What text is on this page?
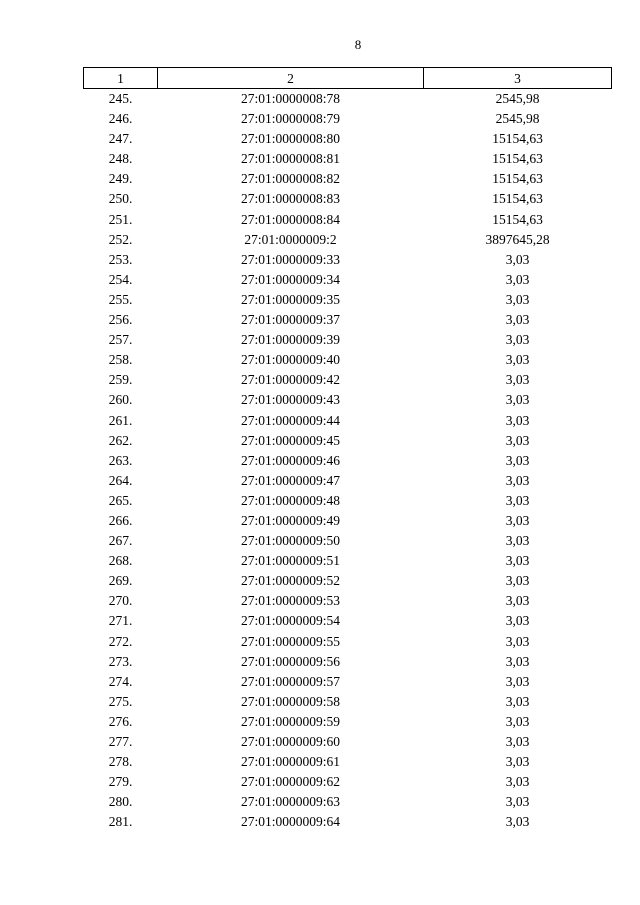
8
1	2	3
245.	27:01:0000008:78	2545,98
246.	27:01:0000008:79	2545,98
247.	27:01:0000008:80	15154,63
248.	27:01:0000008:81	15154,63
249.	27:01:0000008:82	15154,63
250.	27:01:0000008:83	15154,63
251.	27:01:0000008:84	15154,63
252.	27:01:0000009:2	3897645,28
253.	27:01:0000009:33	3,03
254.	27:01:0000009:34	3,03
255.	27:01:0000009:35	3,03
256.	27:01:0000009:37	3,03
257.	27:01:0000009:39	3,03
258.	27:01:0000009:40	3,03
259.	27:01:0000009:42	3,03
260.	27:01:0000009:43	3,03
261.	27:01:0000009:44	3,03
262.	27:01:0000009:45	3,03
263.	27:01:0000009:46	3,03
264.	27:01:0000009:47	3,03
265.	27:01:0000009:48	3,03
266.	27:01:0000009:49	3,03
267.	27:01:0000009:50	3,03
268.	27:01:0000009:51	3,03
269.	27:01:0000009:52	3,03
270.	27:01:0000009:53	3,03
271.	27:01:0000009:54	3,03
272.	27:01:0000009:55	3,03
273.	27:01:0000009:56	3,03
274.	27:01:0000009:57	3,03
275.	27:01:0000009:58	3,03
276.	27:01:0000009:59	3,03
277.	27:01:0000009:60	3,03
278.	27:01:0000009:61	3,03
279.	27:01:0000009:62	3,03
280.	27:01:0000009:63	3,03
281.	27:01:0000009:64	3,03
